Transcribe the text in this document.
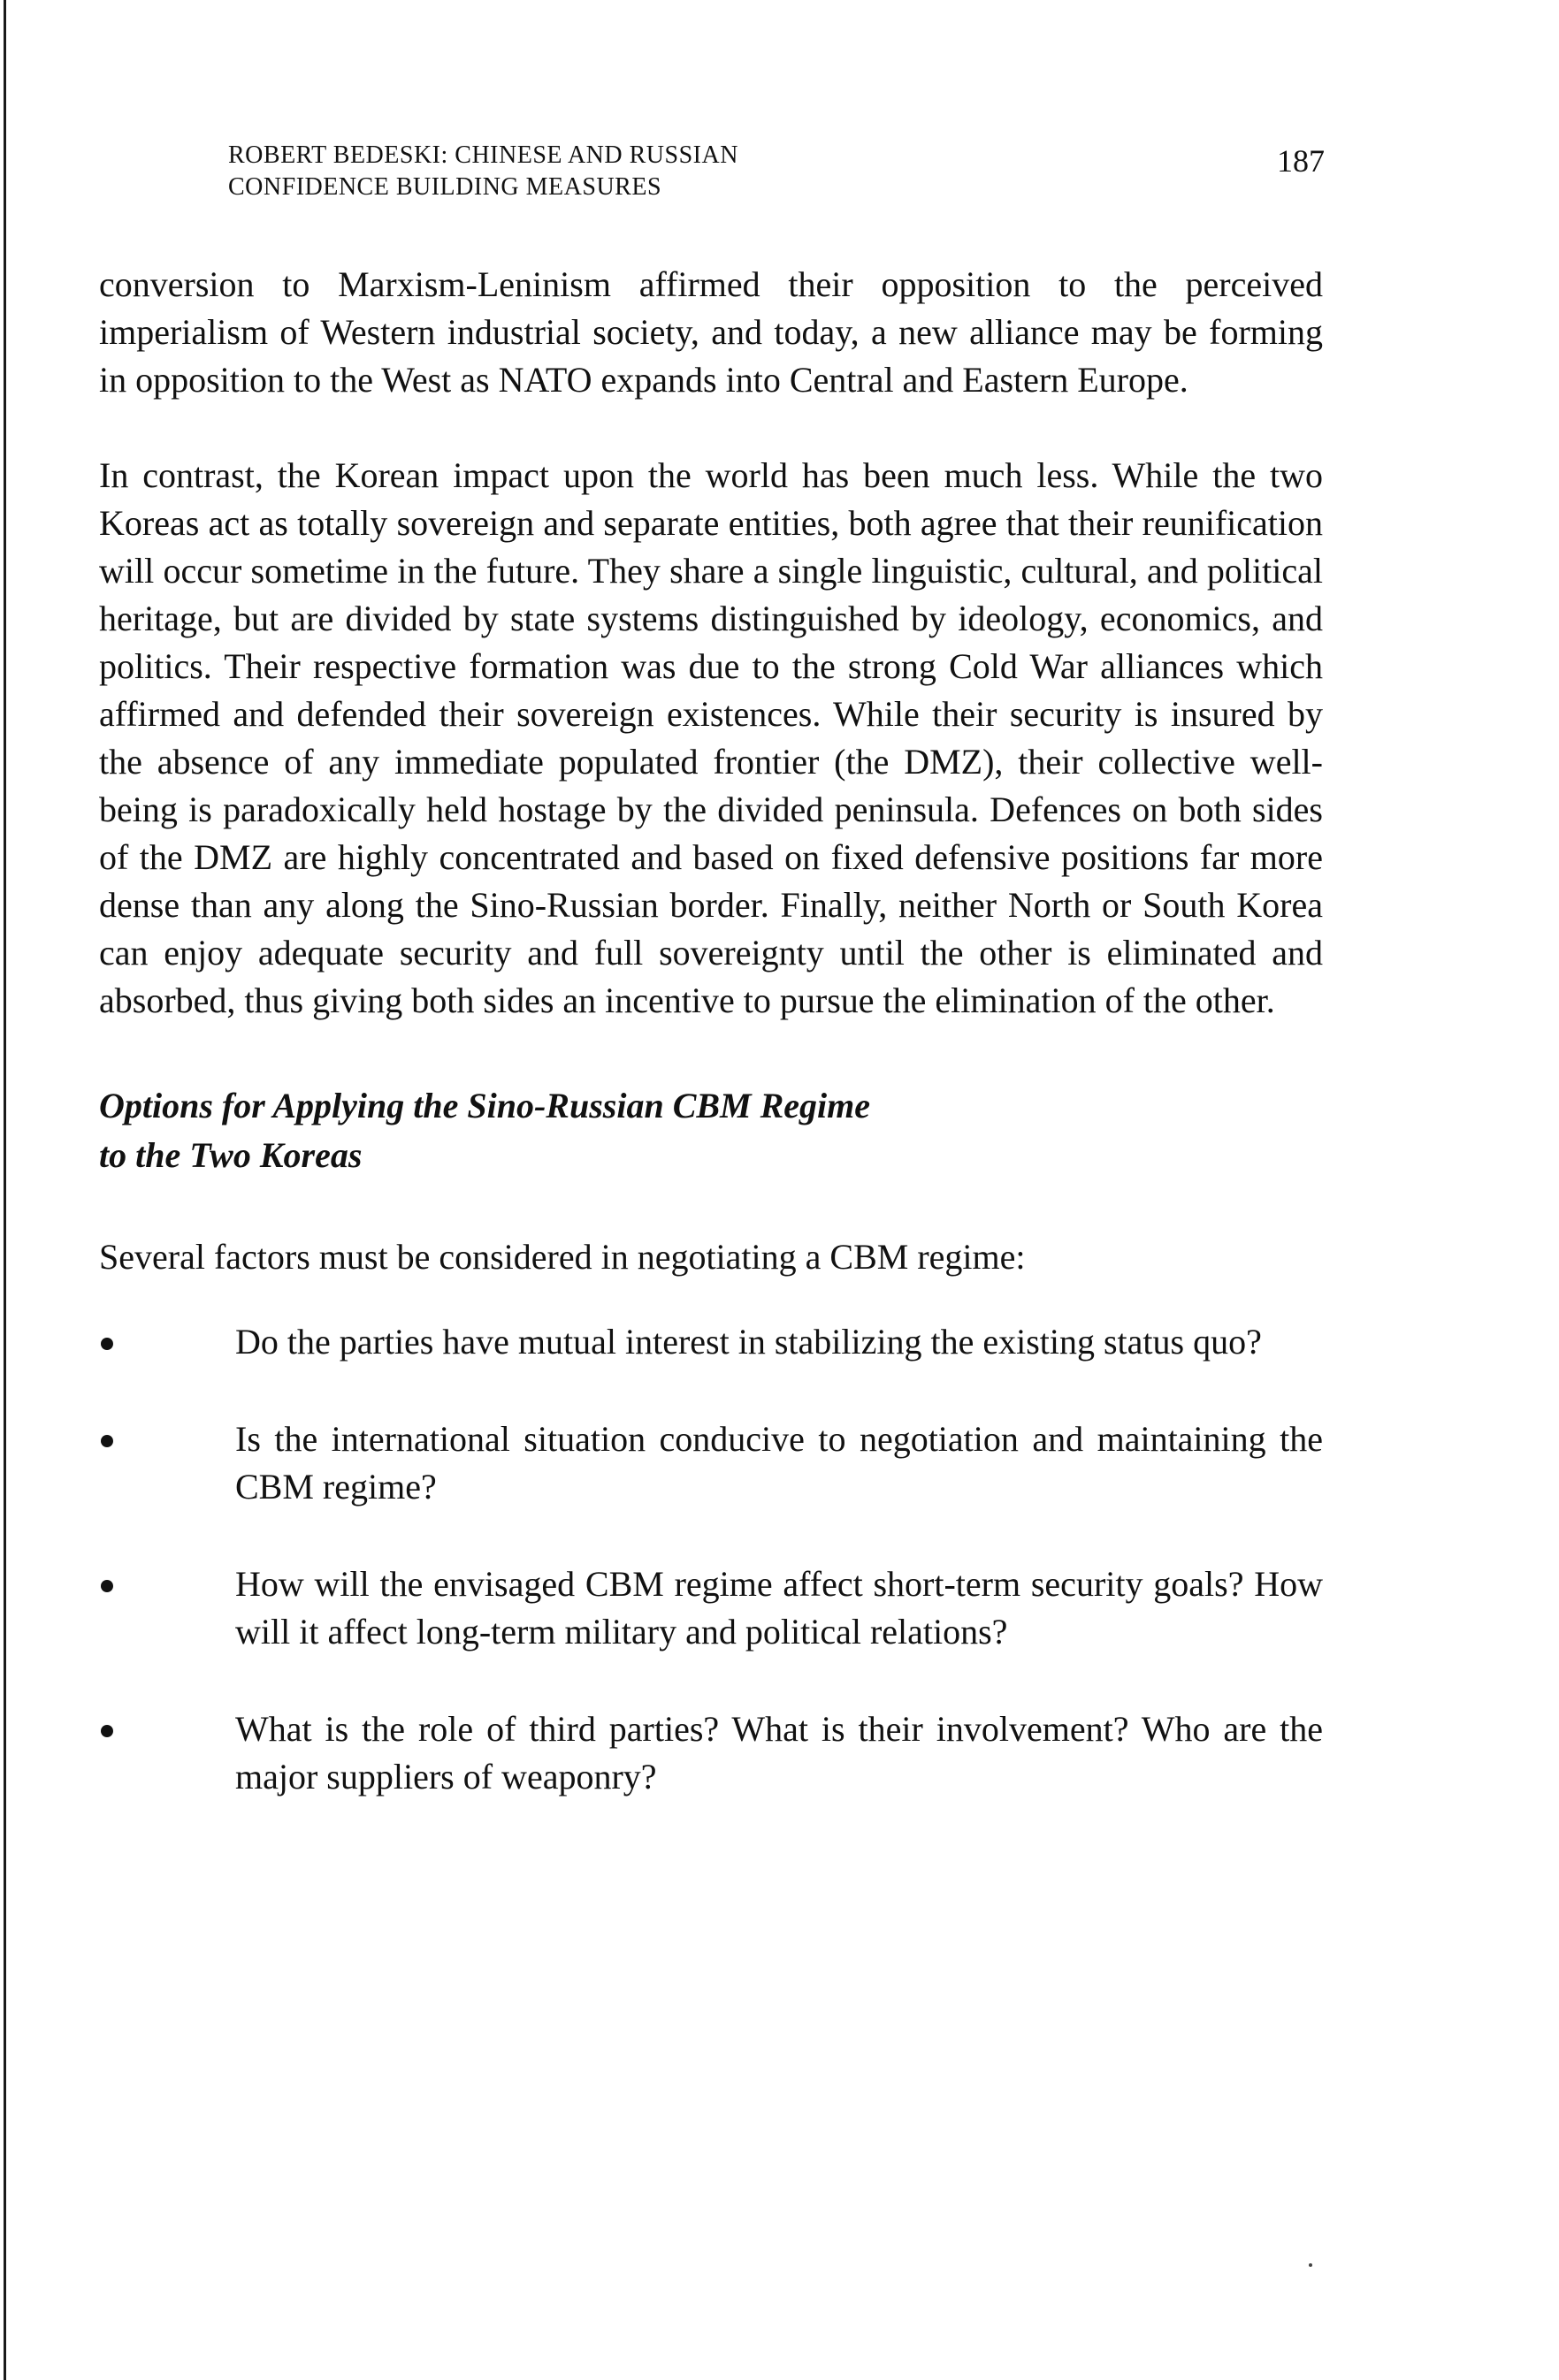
ROBERT BEDESKI: CHINESE AND RUSSIAN
CONFIDENCE BUILDING MEASURES
187

conversion to Marxism-Leninism affirmed their opposition to the perceived imperialism of Western industrial society, and today, a new alliance may be forming in opposition to the West as NATO expands into Central and Eastern Europe.

In contrast, the Korean impact upon the world has been much less. While the two Koreas act as totally sovereign and separate entities, both agree that their reunification will occur sometime in the future. They share a single linguistic, cultural, and political heritage, but are divided by state systems distinguished by ideology, economics, and politics. Their respective formation was due to the strong Cold War alliances which affirmed and defended their sovereign existences. While their security is insured by the absence of any immediate populated frontier (the DMZ), their collective well-being is paradoxically held hostage by the divided peninsula. Defences on both sides of the DMZ are highly concentrated and based on fixed defensive positions far more dense than any along the Sino-Russian border. Finally, neither North or South Korea can enjoy adequate security and full sovereignty until the other is eliminated and absorbed, thus giving both sides an incentive to pursue the elimination of the other.

Options for Applying the Sino-Russian CBM Regime
to the Two Koreas

Several factors must be considered in negotiating a CBM regime:

Do the parties have mutual interest in stabilizing the existing status quo?
Is the international situation conducive to negotiation and maintaining the CBM regime?
How will the envisaged CBM regime affect short-term security goals? How will it affect long-term military and political relations?
What is the role of third parties? What is their involvement? Who are the major suppliers of weaponry?
